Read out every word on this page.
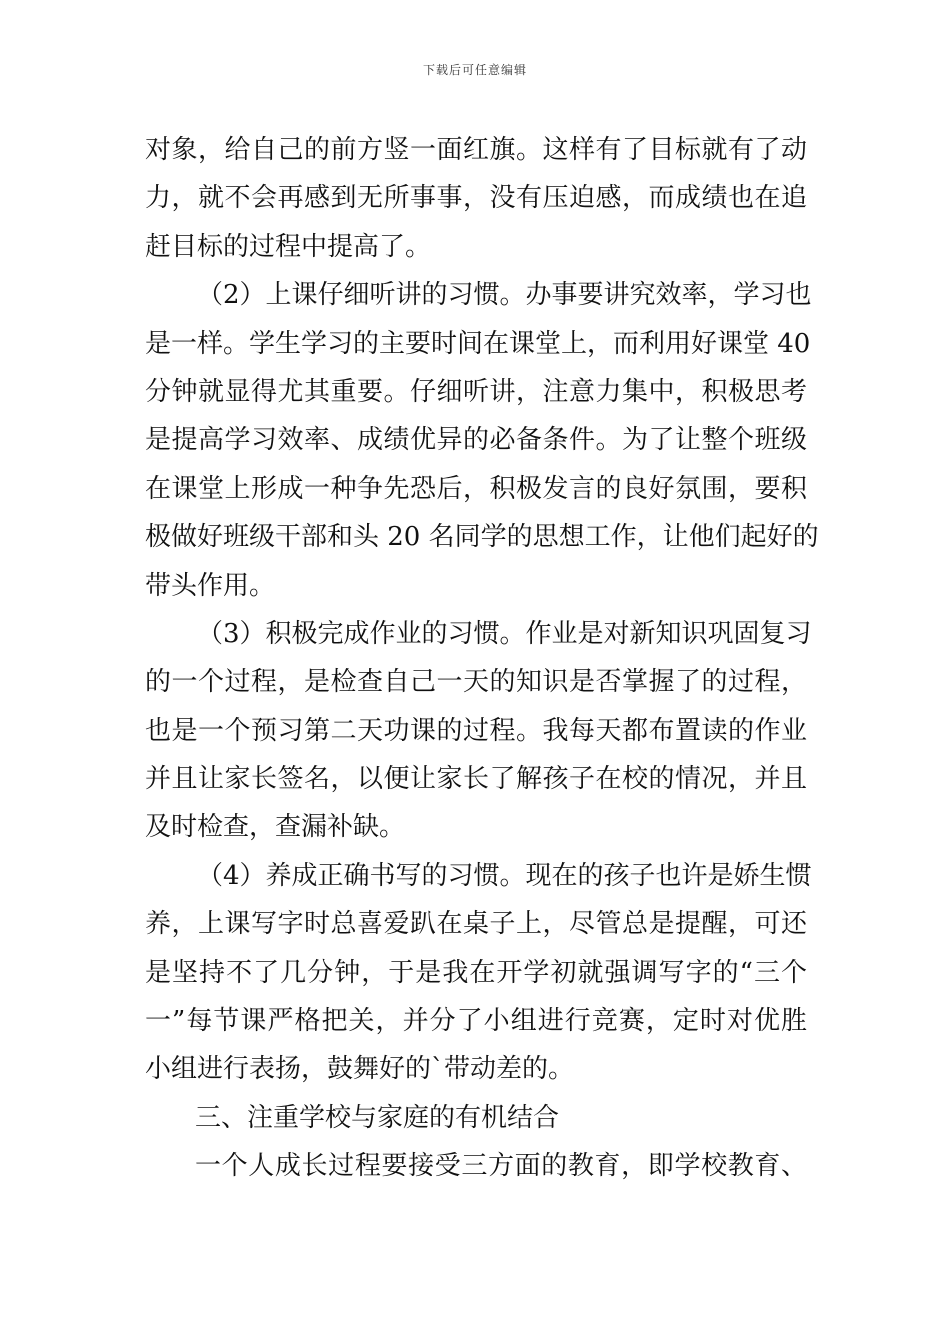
下载后可任意编辑
对象，给自己的前方竖一面红旗。这样有了目标就有了动
力，就不会再感到无所事事，没有压迫感，而成绩也在追
赶目标的过程中提高了。
（2）上课仔细听讲的习惯。办事要讲究效率，学习也
是一样。学生学习的主要时间在课堂上，而利用好课堂 40
分钟就显得尤其重要。仔细听讲，注意力集中，积极思考
是提高学习效率、成绩优异的必备条件。为了让整个班级
在课堂上形成一种争先恐后，积极发言的良好氛围，要积
极做好班级干部和头 20 名同学的思想工作，让他们起好的
带头作用。
（3）积极完成作业的习惯。作业是对新知识巩固复习
的一个过程，是检查自己一天的知识是否掌握了的过程，
也是一个预习第二天功课的过程。我每天都布置读的作业
并且让家长签名，以便让家长了解孩子在校的情况，并且
及时检查，查漏补缺。
（4）养成正确书写的习惯。现在的孩子也许是娇生惯
养，上课写字时总喜爱趴在桌子上，尽管总是提醒，可还
是坚持不了几分钟，于是我在开学初就强调写字的“三个
一”每节课严格把关，并分了小组进行竞赛，定时对优胜
小组进行表扬，鼓舞好的`带动差的。
三、注重学校与家庭的有机结合
一个人成长过程要接受三方面的教育，即学校教育、
